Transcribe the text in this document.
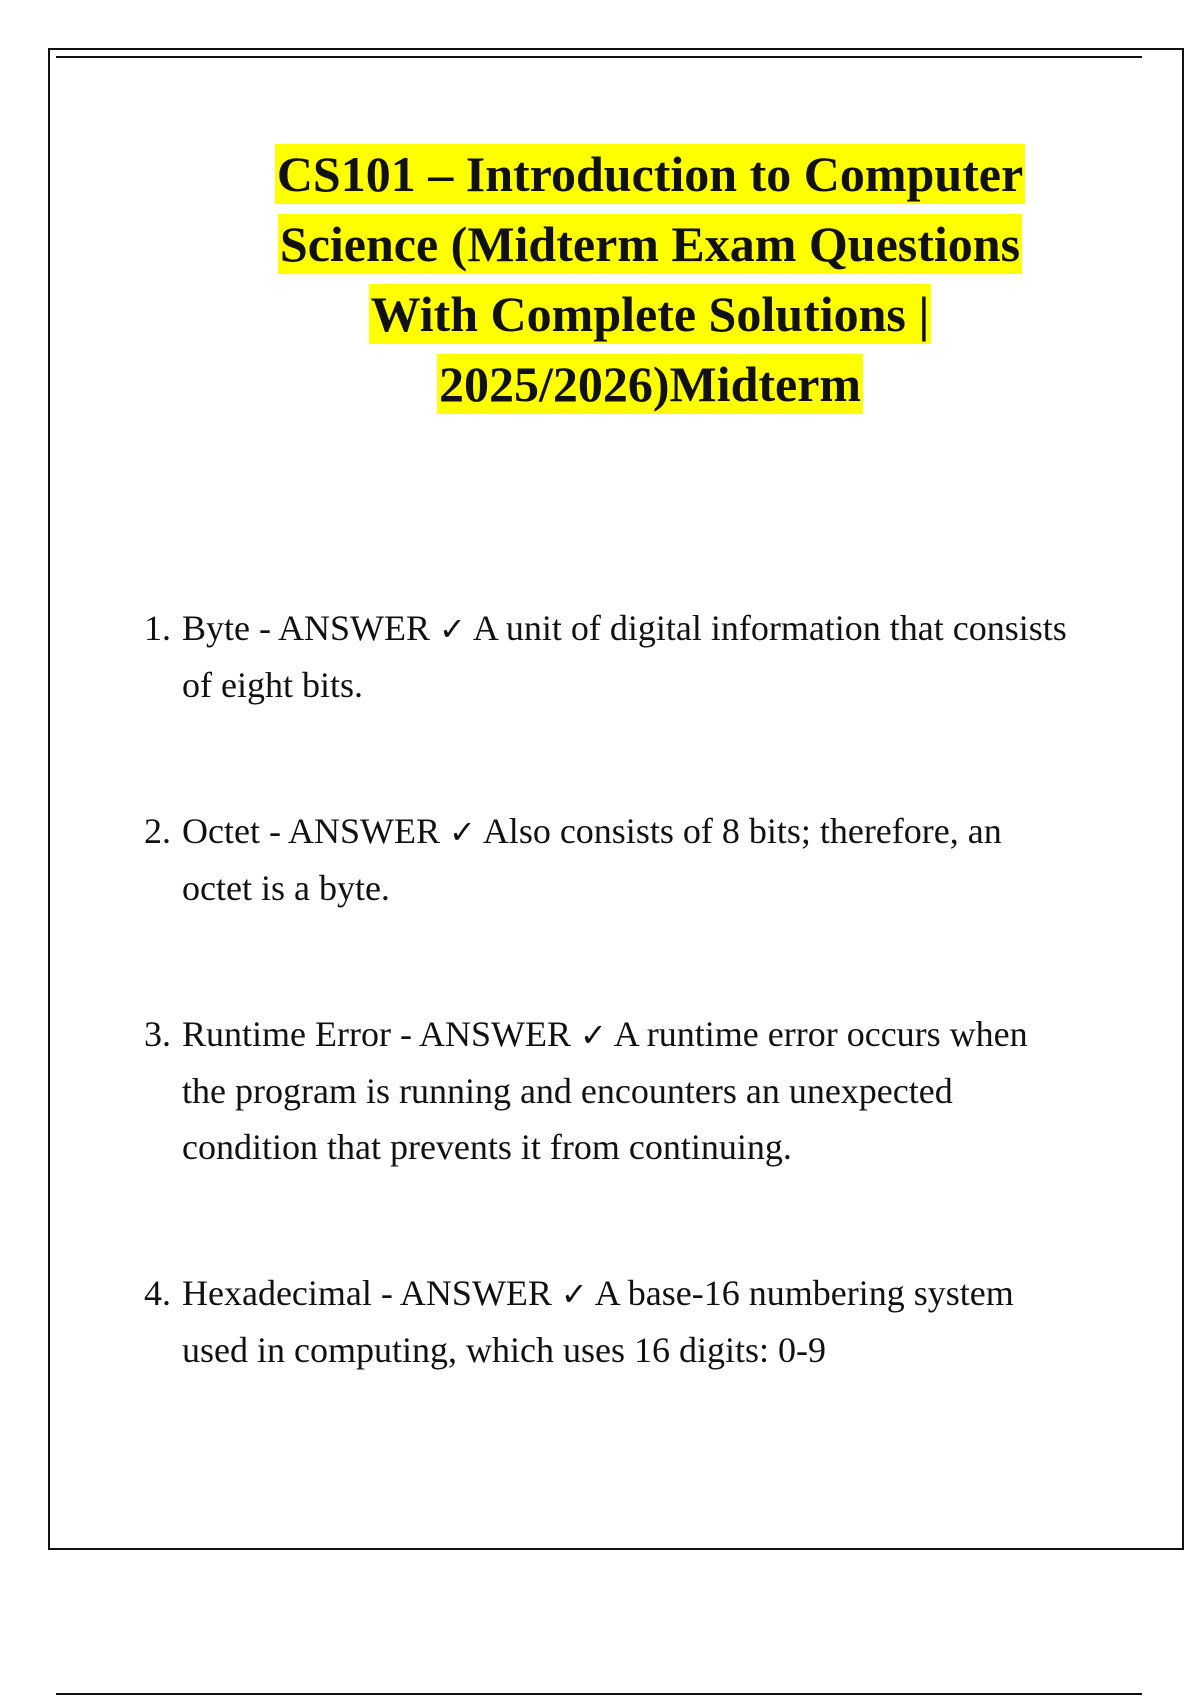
CS101 – Introduction to Computer
Science (Midterm Exam Questions
With Complete Solutions |
2025/2026)Midterm
1. Byte - ANSWER ✓ A unit of digital information that consists of eight bits.
2. Octet - ANSWER ✓ Also consists of 8 bits; therefore, an octet is a byte.
3. Runtime Error - ANSWER ✓ A runtime error occurs when the program is running and encounters an unexpected condition that prevents it from continuing.
4. Hexadecimal - ANSWER ✓ A base-16 numbering system used in computing, which uses 16 digits: 0-9
